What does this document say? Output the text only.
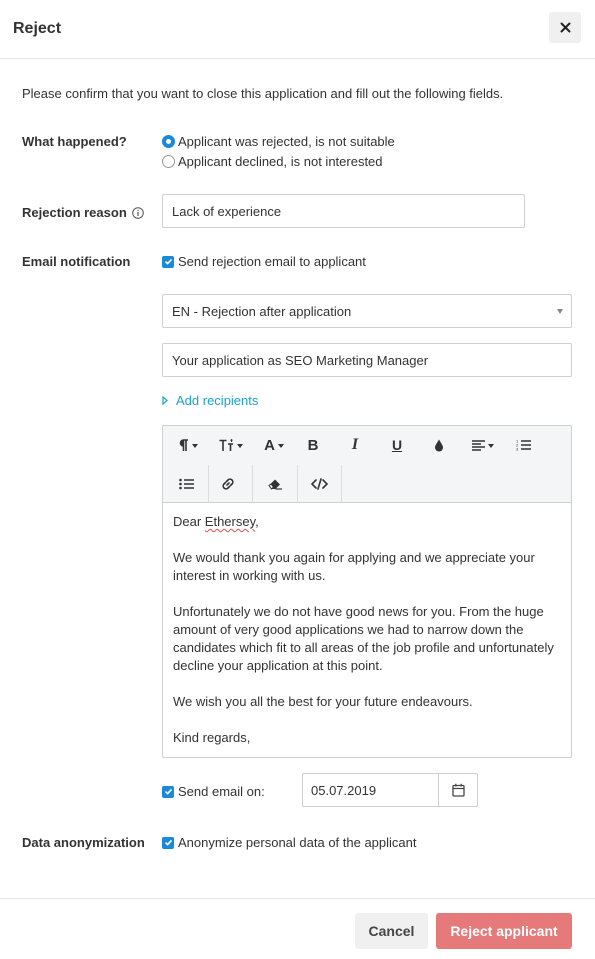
Reject
Please confirm that you want to close this application and fill out the following fields.
What happened?	Applicant was rejected, is not suitable
Applicant declined, is not interested
Rejection reason	Lack of experience
Email notification	Send rejection email to applicant
EN - Rejection after application
Your application as SEO Marketing Manager
Add recipients
A B I U	1
2
3

Dear Ethersey,

We would thank you again for applying and we appreciate your interest in working with us.

Unfortunately we do not have good news for you. From the huge amount of very good applications we had to narrow down the candidates which fit to all areas of the job profile and unfortunately decline your application at this point.

We wish you all the best for your future endeavours.

Kind regards,

Send email on:	05.07.2019
Data anonymization	Anonymize personal data of the applicant
Cancel	Reject applicant
